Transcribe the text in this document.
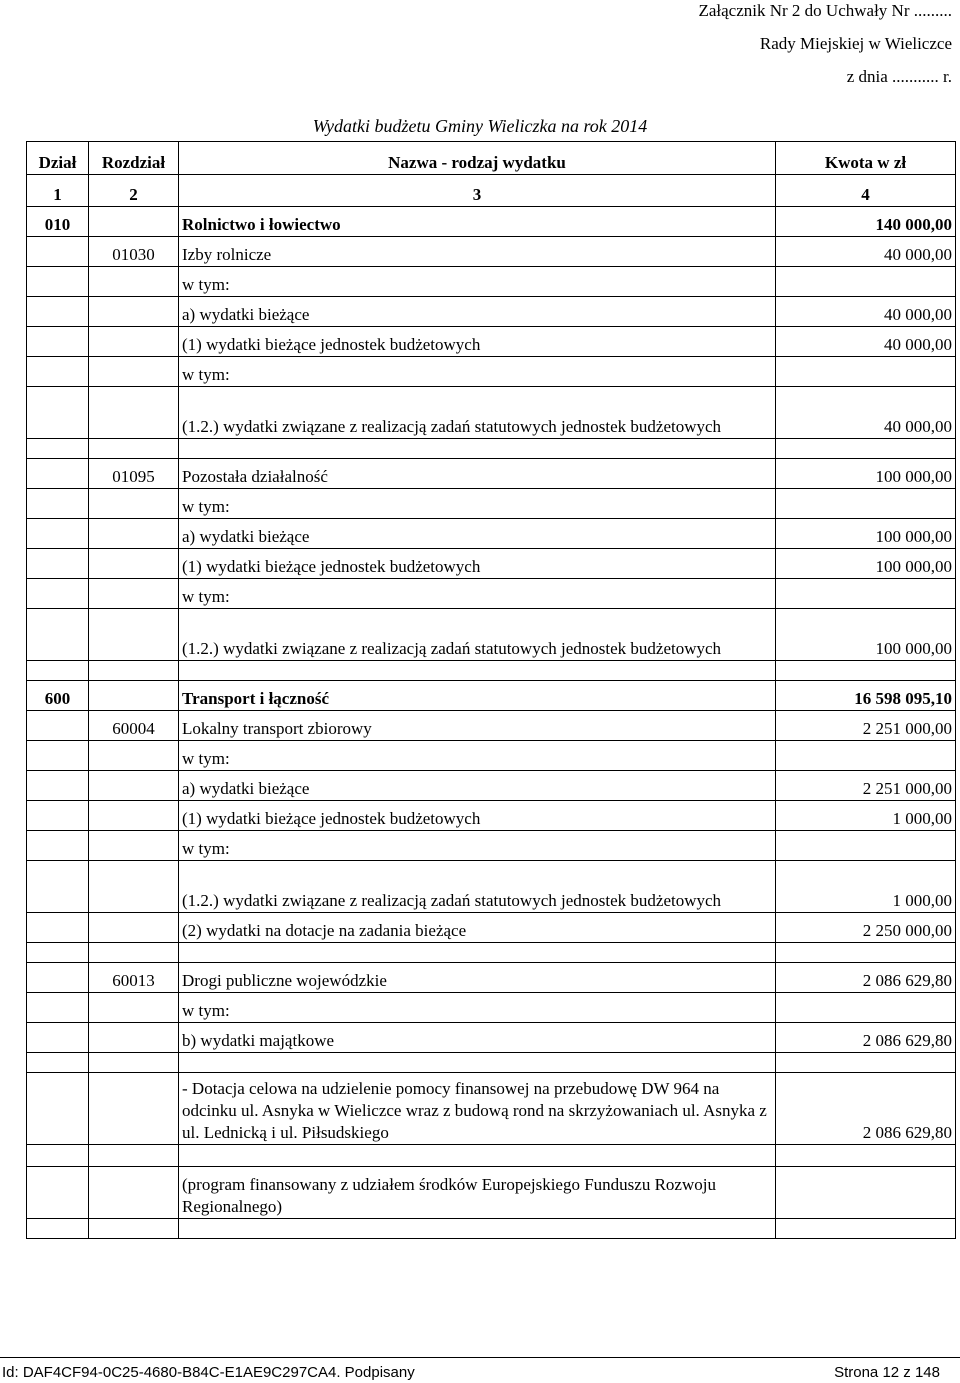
Załącznik Nr 2 do Uchwały Nr .........
Rady Miejskiej w Wieliczce
z dnia ........... r.
Wydatki budżetu Gminy Wieliczka na rok 2014
Dział	Rozdział	Nazwa - rodzaj wydatku	Kwota w zł
1	2	3	4
010		Rolnictwo i łowiectwo	140 000,00
	01030	Izby rolnicze	40 000,00
		w tym:	
		a) wydatki bieżące	40 000,00
		(1) wydatki bieżące jednostek budżetowych	40 000,00
		w tym:	
		(1.2.) wydatki związane z realizacją zadań statutowych jednostek budżetowych	40 000,00

	01095	Pozostała działalność	100 000,00
		w tym:	
		a) wydatki bieżące	100 000,00
		(1) wydatki bieżące jednostek budżetowych	100 000,00
		w tym:	
		(1.2.) wydatki związane z realizacją zadań statutowych jednostek budżetowych	100 000,00

600		Transport i łączność	16 598 095,10
	60004	Lokalny transport zbiorowy	2 251 000,00
		w tym:	
		a) wydatki bieżące	2 251 000,00
		(1) wydatki bieżące jednostek budżetowych	1 000,00
		w tym:	
		(1.2.) wydatki związane z realizacją zadań statutowych jednostek budżetowych	1 000,00
		(2) wydatki na dotacje na zadania bieżące	2 250 000,00

	60013	Drogi publiczne wojewódzkie	2 086 629,80
		w tym:	
		b) wydatki majątkowe	2 086 629,80

		- Dotacja celowa na udzielenie pomocy finansowej na przebudowę DW 964 na odcinku ul. Asnyka w Wieliczce wraz z budową rond na skrzyżowaniach ul. Asnyka z ul. Lednicką i ul. Piłsudskiego	2 086 629,80

		(program finansowany z udziałem środków Europejskiego Funduszu Rozwoju Regionalnego)	

Id: DAF4CF94-0C25-4680-B84C-E1AE9C297CA4. Podpisany	Strona 12 z 148
